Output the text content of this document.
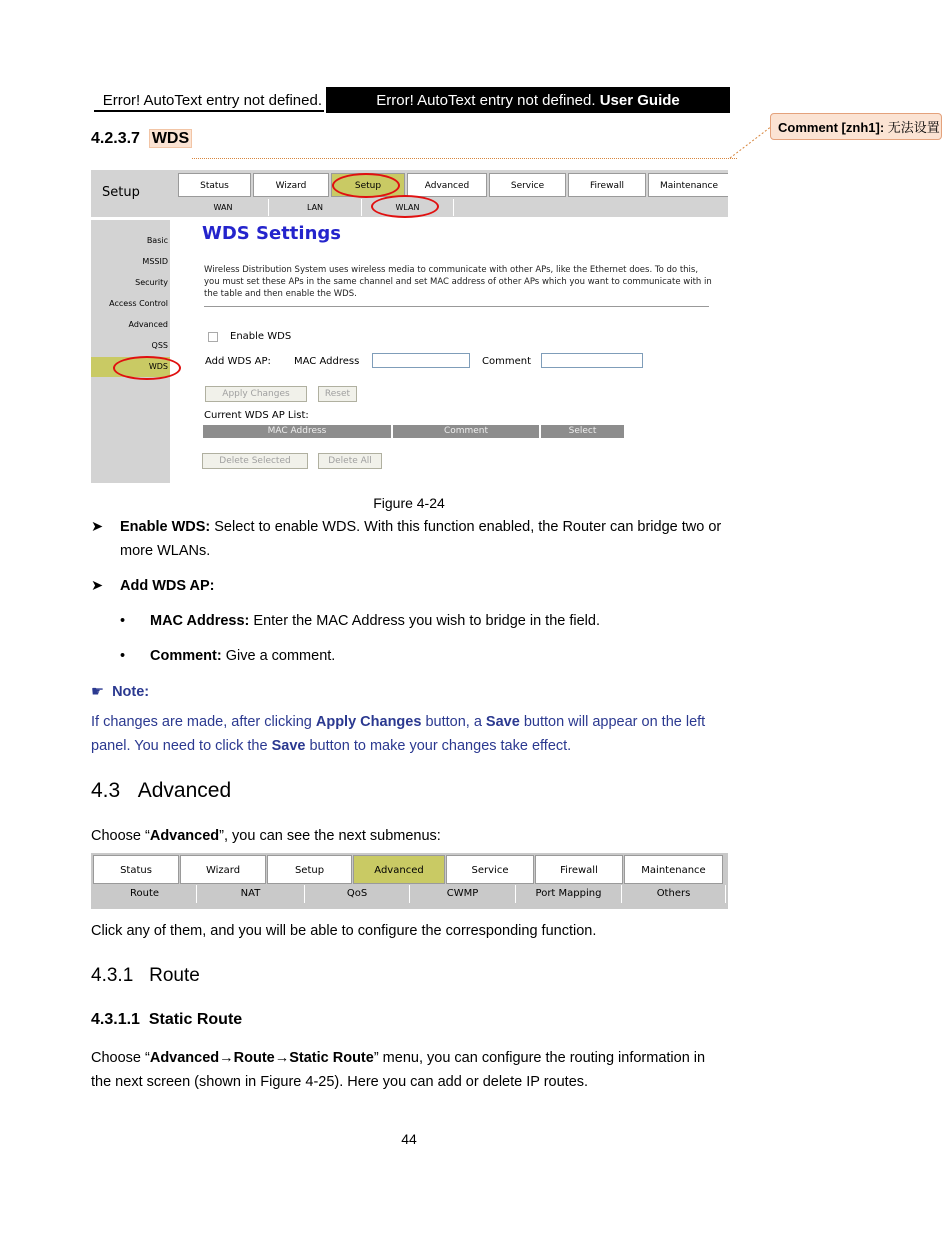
Error! AutoText entry not defined.	Error! AutoText entry not defined. User Guide
4.2.3.7 WDS
Comment [znh1]: 无法设置
Setup	Status	Wizard	Setup	Advanced	Service	Firewall	Maintenance
WAN	LAN	WLAN
Basic
MSSID
Security
Access Control
Advanced
QSS
WDS
WDS Settings
Wireless Distribution System uses wireless media to communicate with other APs, like the Ethernet does. To do this, you must set these APs in the same channel and set MAC address of other APs which you want to communicate with in the table and then enable the WDS.
Enable WDS
Add WDS AP: MAC Address	Comment
Apply Changes	Reset
Current WDS AP List:
MAC Address	Comment	Select
Delete Selected	Delete All
Figure 4-24
➤ Enable WDS: Select to enable WDS. With this function enabled, the Router can bridge two or
more WLANs.
➤ Add WDS AP:
• MAC Address: Enter the MAC Address you wish to bridge in the field.
• Comment: Give a comment.
☛ Note:
If changes are made, after clicking Apply Changes button, a Save button will appear on the left
panel. You need to click the Save button to make your changes take effect.
4.3 Advanced
Choose “Advanced”, you can see the next submenus:
Status	Wizard	Setup	Advanced	Service	Firewall	Maintenance
Route	NAT	QoS	CWMP	Port Mapping	Others
Click any of them, and you will be able to configure the corresponding function.
4.3.1 Route
4.3.1.1 Static Route
Choose “Advanced→Route→Static Route” menu, you can configure the routing information in
the next screen (shown in Figure 4-25). Here you can add or delete IP routes.
44
